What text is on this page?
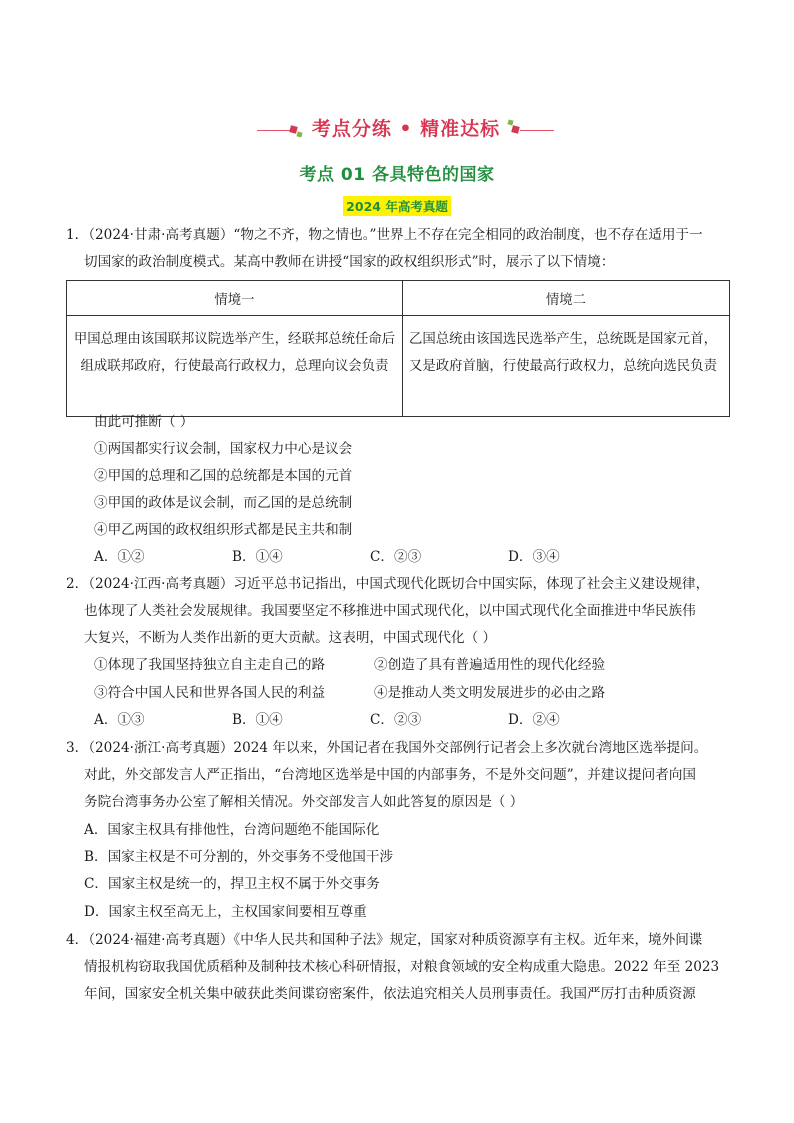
考点分练 • 精准达标
考点 01 各具特色的国家
2024 年高考真题
1．（2024·甘肃·高考真题）“物之不齐，物之情也。”世界上不存在完全相同的政治制度，也不存在适用于一
切国家的政治制度模式。某高中教师在讲授“国家的政权组织形式”时，展示了以下情境：
情境一	情境二
甲国总理由该国联邦议院选举产生，经联邦总统任命后组成联邦政府，行使最高行政权力，总理向议会负责	乙国总统由该国选民选举产生，总统既是国家元首，又是政府首脑，行使最高行政权力，总统向选民负责
由此可推断（ ）
①两国都实行议会制，国家权力中心是议会
②甲国的总理和乙国的总统都是本国的元首
③甲国的政体是议会制，而乙国的是总统制
④甲乙两国的政权组织形式都是民主共和制
A．①②	B．①④	C．②③	D．③④
2．（2024·江西·高考真题）习近平总书记指出，中国式现代化既切合中国实际，体现了社会主义建设规律，
也体现了人类社会发展规律。我国要坚定不移推进中国式现代化，以中国式现代化全面推进中华民族伟
大复兴，不断为人类作出新的更大贡献。这表明，中国式现代化（ ）
①体现了我国坚持独立自主走自己的路	②创造了具有普遍适用性的现代化经验
③符合中国人民和世界各国人民的利益	④是推动人类文明发展进步的必由之路
A．①③	B．①④	C．②③	D．②④
3．（2024·浙江·高考真题）2024 年以来，外国记者在我国外交部例行记者会上多次就台湾地区选举提问。
对此，外交部发言人严正指出，“台湾地区选举是中国的内部事务，不是外交问题”，并建议提问者向国
务院台湾事务办公室了解相关情况。外交部发言人如此答复的原因是（ ）
A．国家主权具有排他性，台湾问题绝不能国际化
B．国家主权是不可分割的，外交事务不受他国干涉
C．国家主权是统一的，捍卫主权不属于外交事务
D．国家主权至高无上，主权国家间要相互尊重
4．（2024·福建·高考真题）《中华人民共和国种子法》规定，国家对种质资源享有主权。近年来，境外间谍
情报机构窃取我国优质稻种及制种技术核心科研情报，对粮食领域的安全构成重大隐患。2022 年至 2023
年间，国家安全机关集中破获此类间谍窃密案件，依法追究相关人员刑事责任。我国严厉打击种质资源
